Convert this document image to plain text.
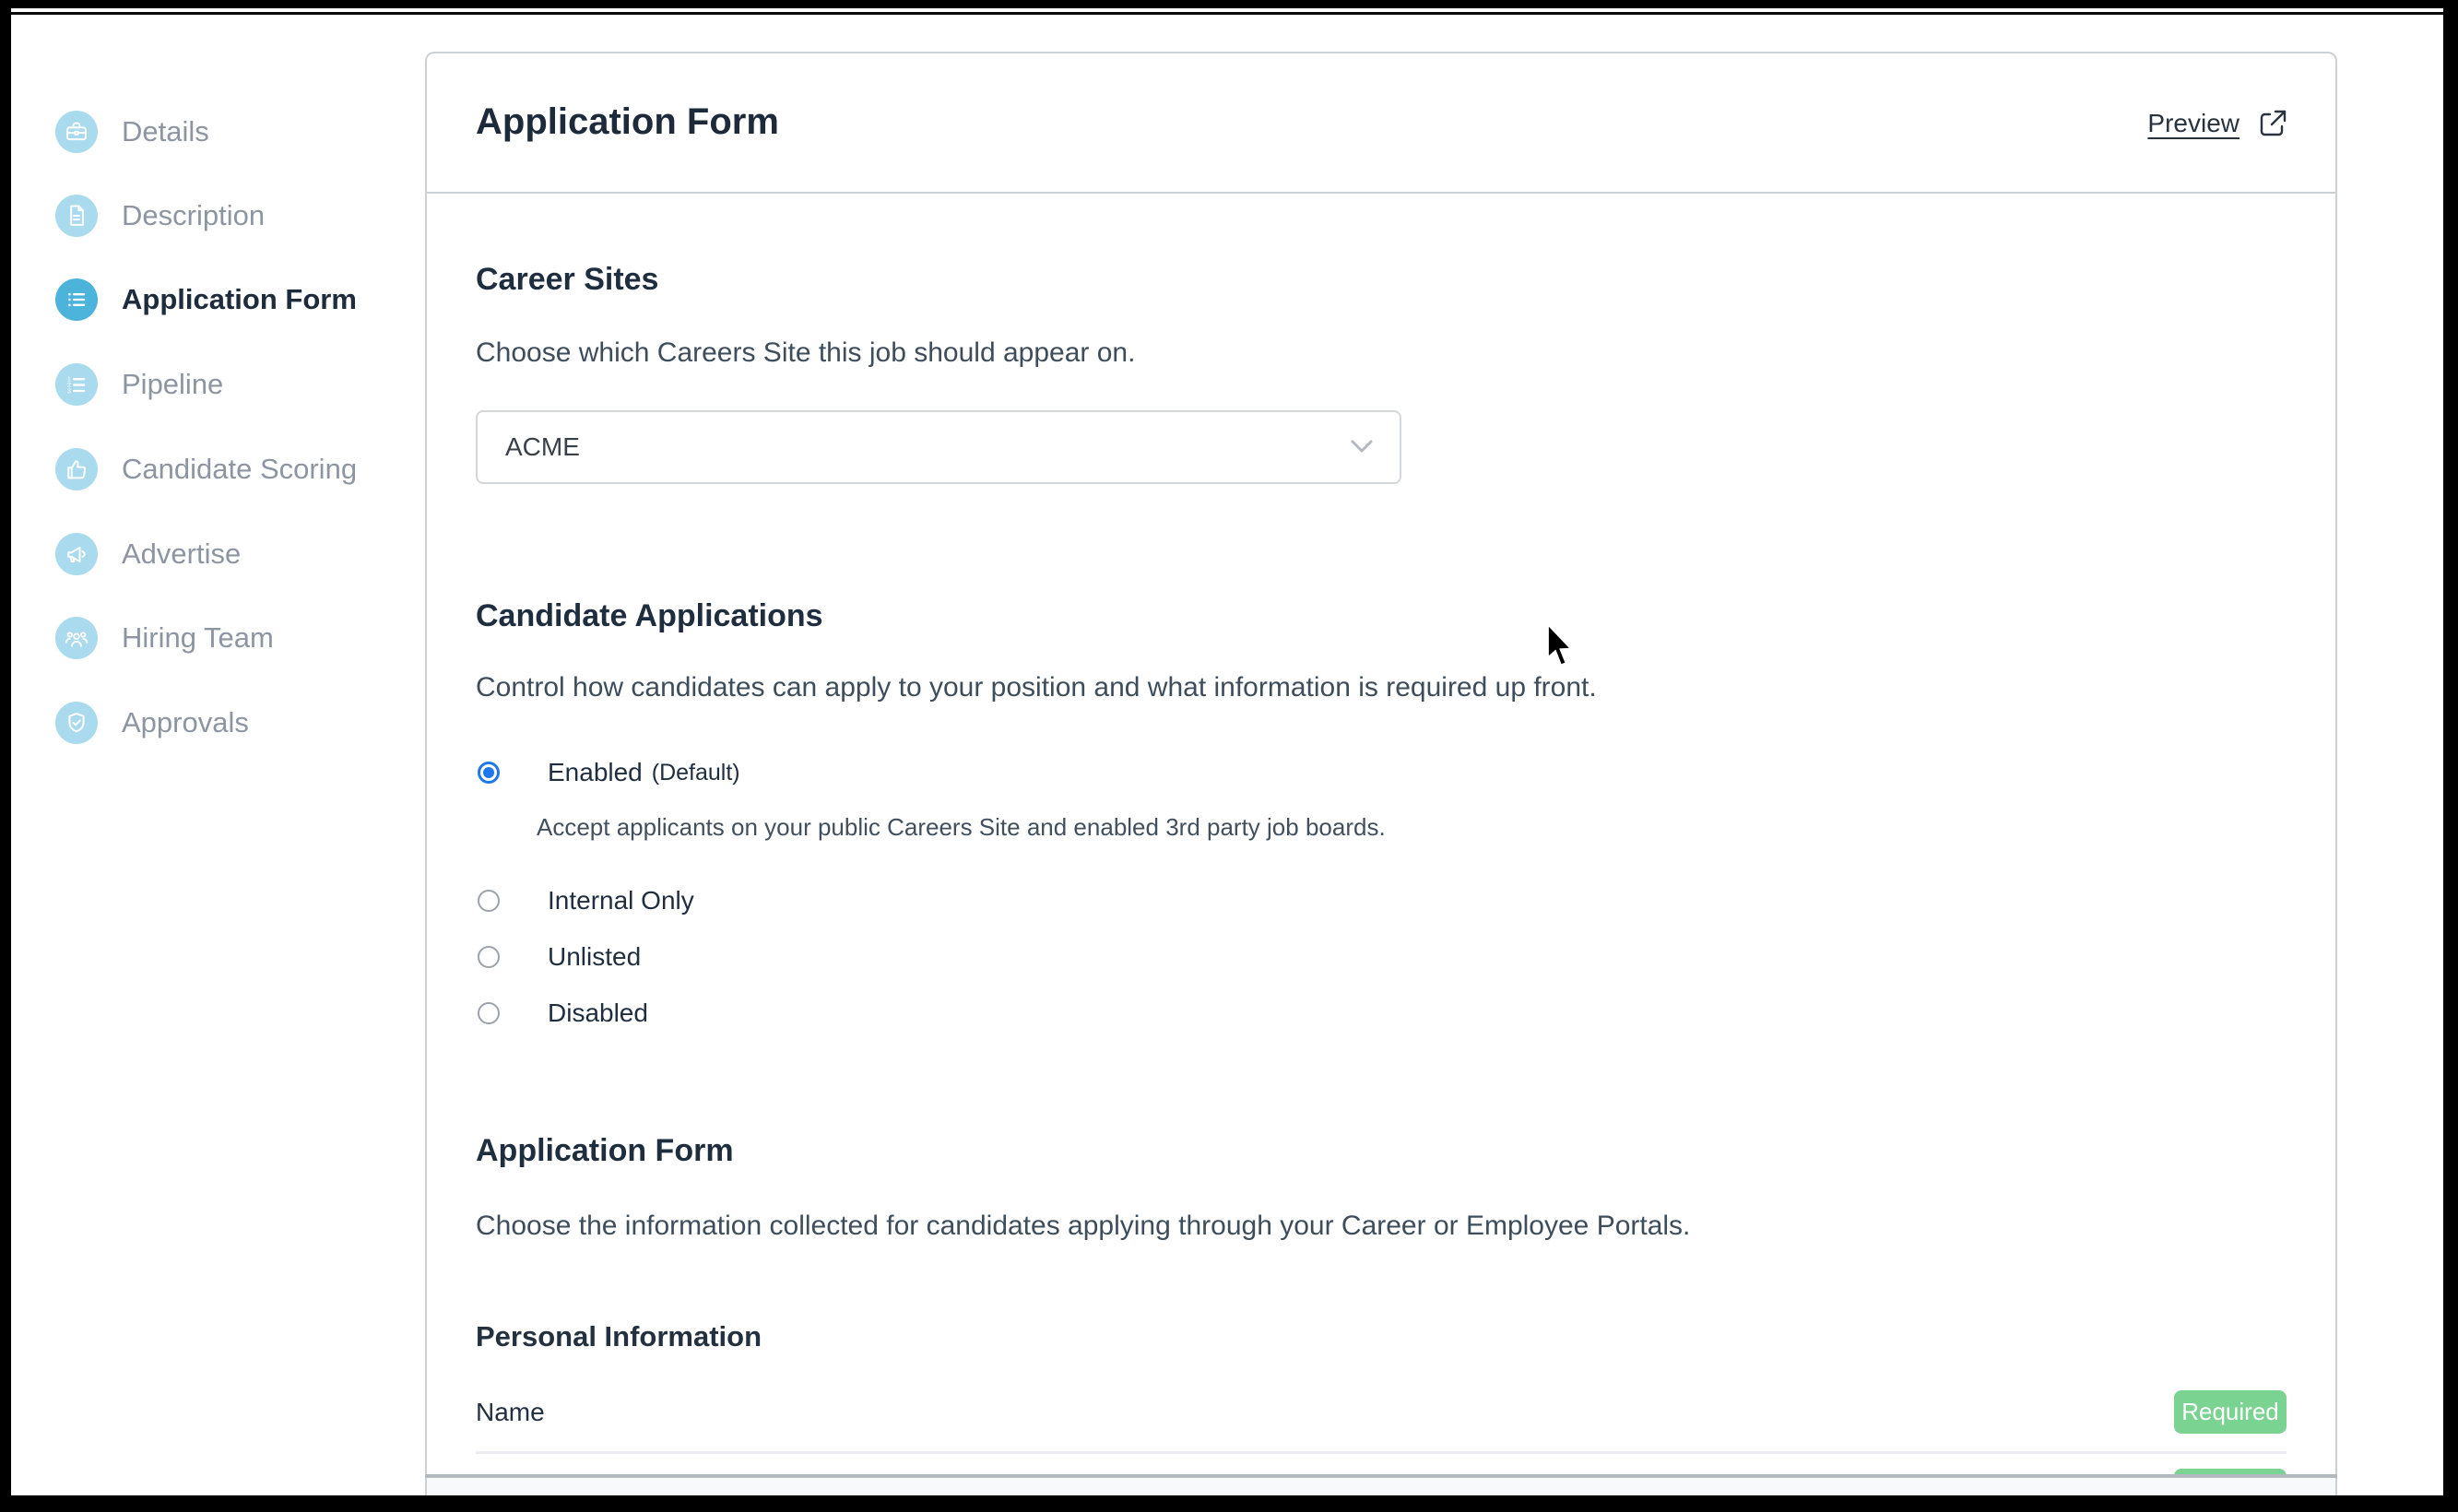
Details
Description
Application Form
1
2
3 Pipeline
Candidate Scoring
Advertise
Hiring Team
Approvals
Application Form	Preview
Career Sites

Choose which Careers Site this job should appear on.

ACME
Candidate Applications

Control how candidates can apply to your position and what information is required up front.

Enabled (Default)

Accept applicants on your public Careers Site and enabled 3rd party job boards.

Internal Only
Unlisted
Disabled
Application Form

Choose the information collected for candidates applying through your Career or Employee Portals.

Personal Information
Name	Required
